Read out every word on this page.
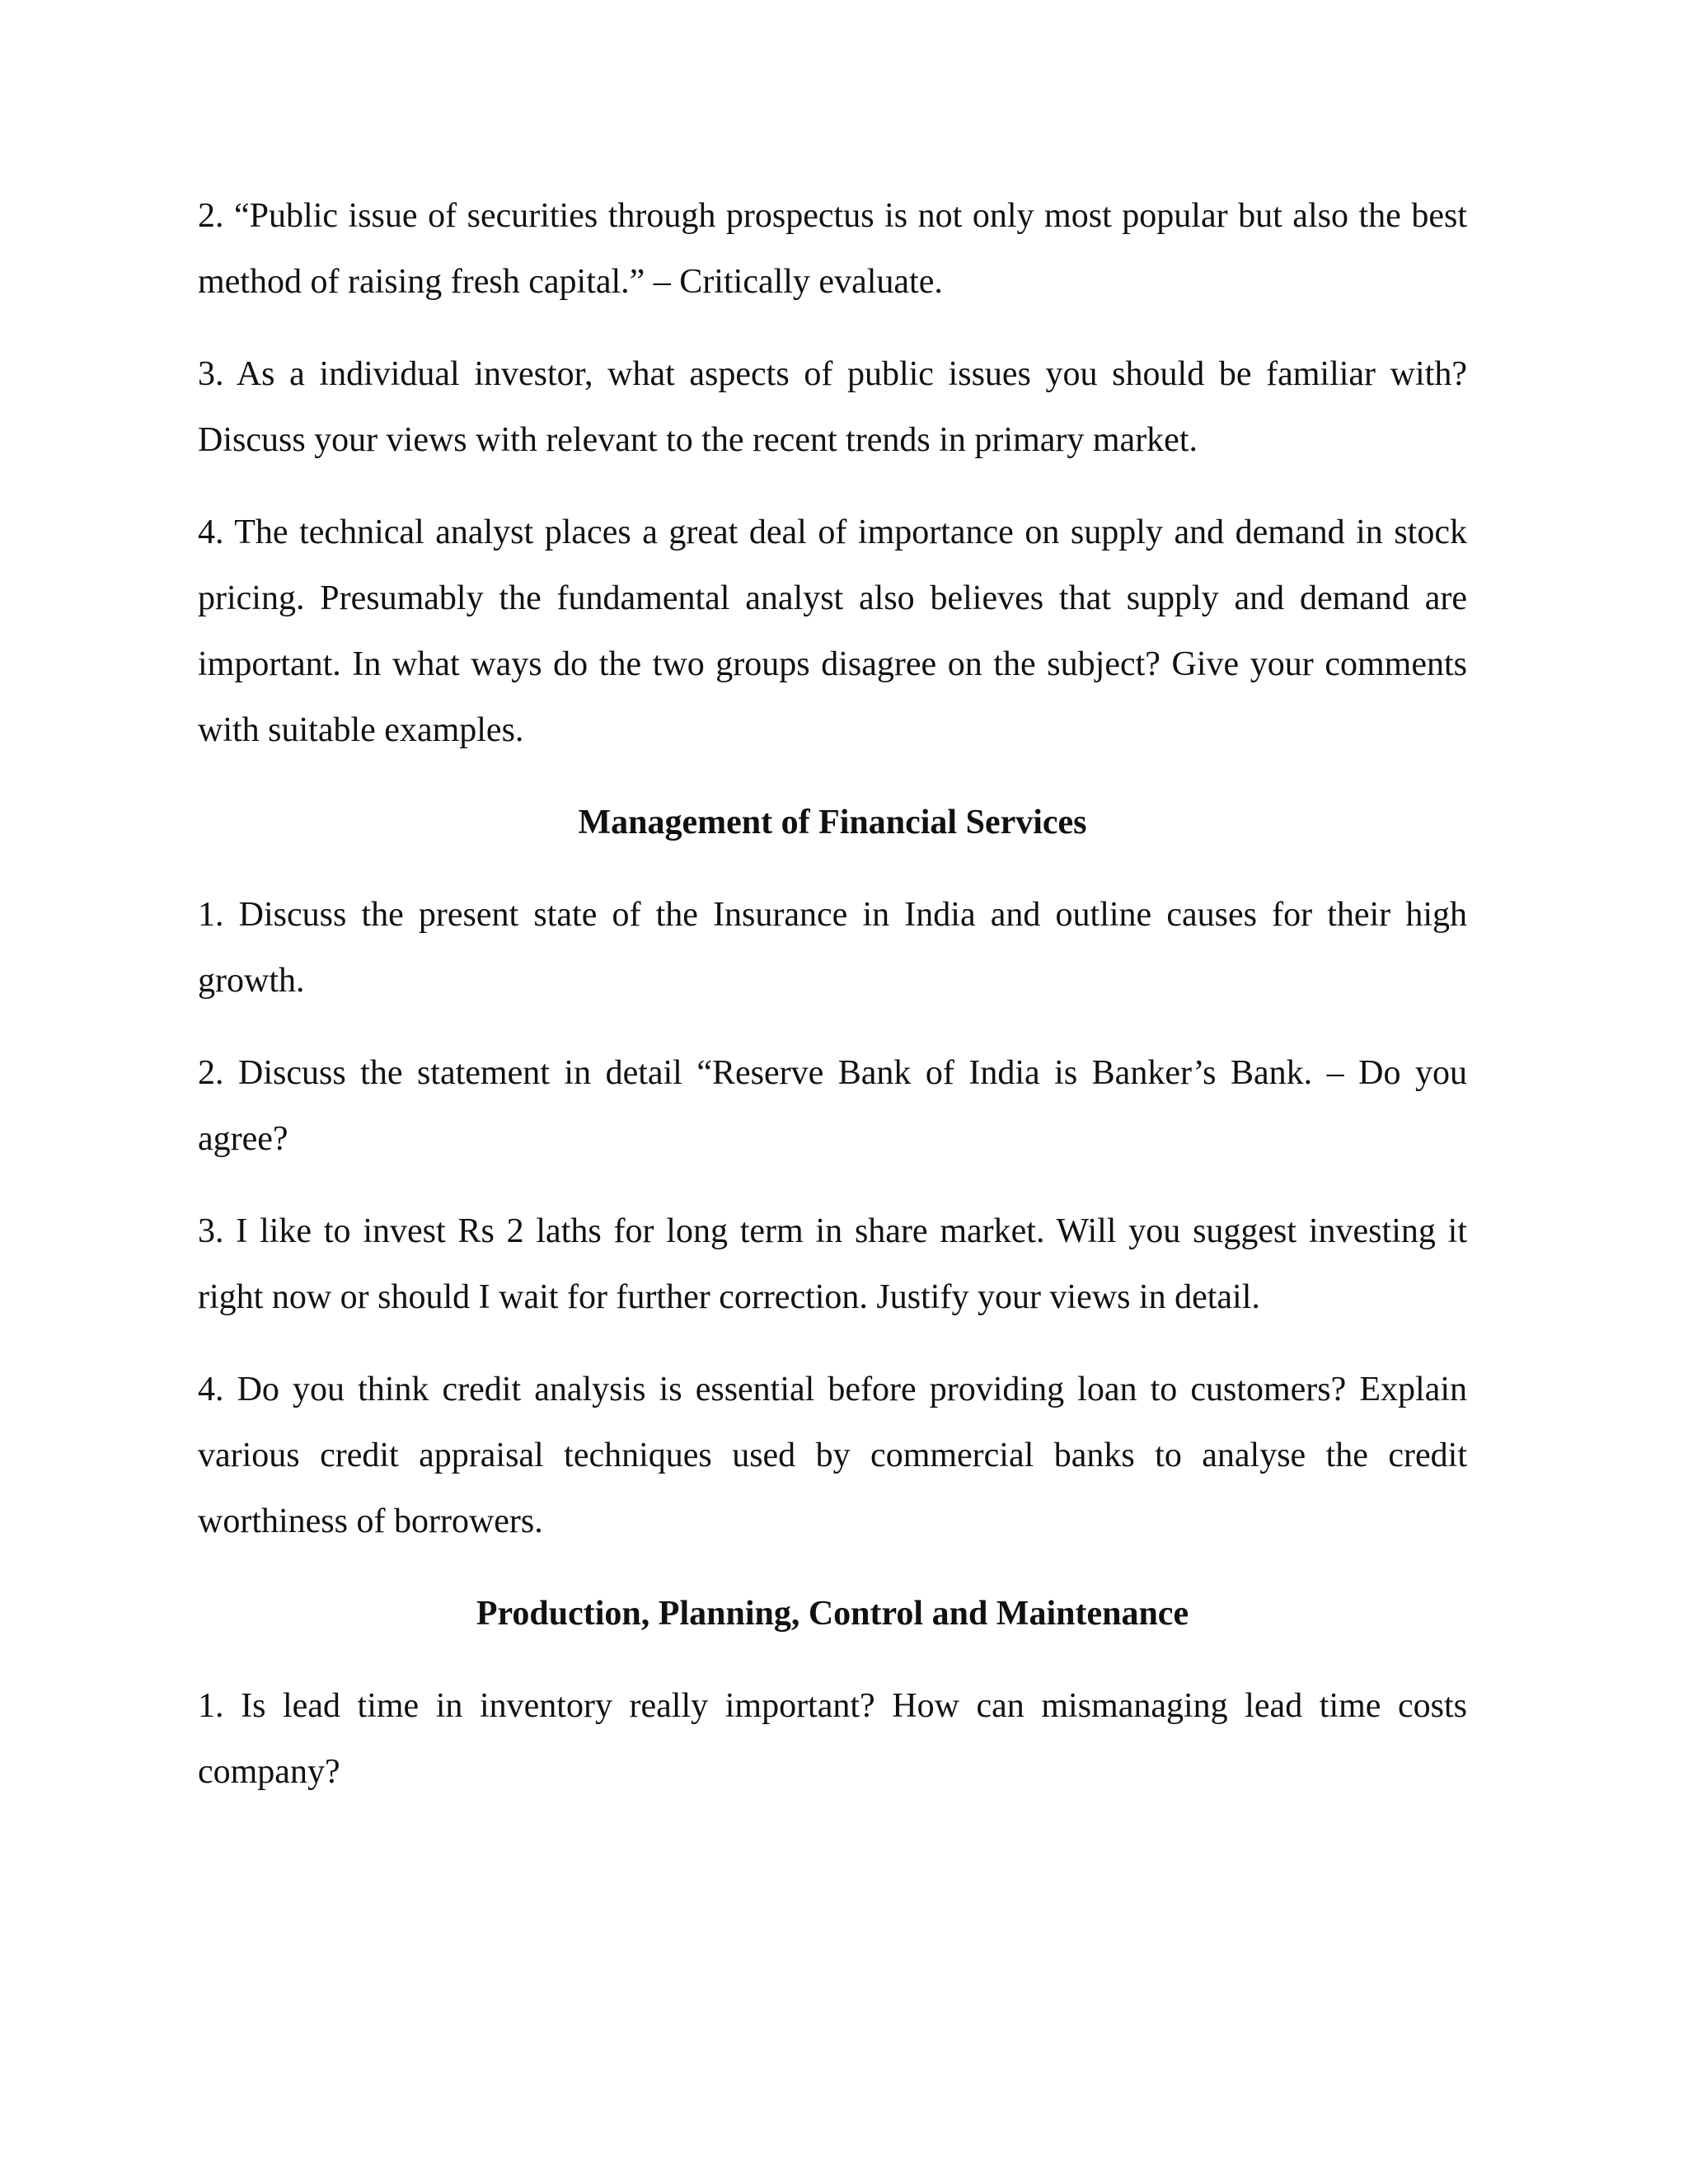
2. “Public issue of securities through prospectus is not only most popular but also the best method of raising fresh capital.” – Critically evaluate.

3. As a individual investor, what aspects of public issues you should be familiar with? Discuss your views with relevant to the recent trends in primary market.

4. The technical analyst places a great deal of importance on supply and demand in stock pricing. Presumably the fundamental analyst also believes that supply and demand are important. In what ways do the two groups disagree on the subject? Give your comments with suitable examples.

Management of Financial Services

1. Discuss the present state of the Insurance in India and outline causes for their high growth.

2. Discuss the statement in detail “Reserve Bank of India is Banker’s Bank. – Do you agree?

3. I like to invest Rs 2 laths for long term in share market. Will you suggest investing it right now or should I wait for further correction. Justify your views in detail.

4. Do you think credit analysis is essential before providing loan to customers? Explain various credit appraisal techniques used by commercial banks to analyse the credit worthiness of borrowers.

Production, Planning, Control and Maintenance

1. Is lead time in inventory really important? How can mismanaging lead time costs company?
